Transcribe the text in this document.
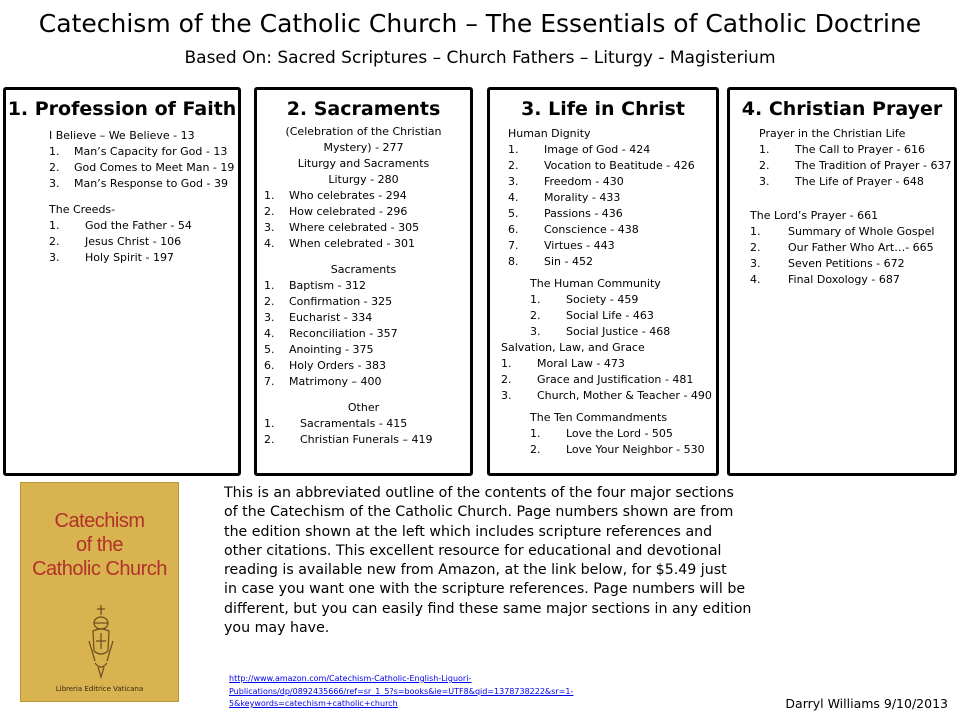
Catechism of the Catholic Church – The Essentials of Catholic Doctrine
Based On: Sacred Scriptures – Church Fathers – Liturgy - Magisterium
1. Profession of Faith
I Believe – We Believe - 13
1.	Man’s Capacity for God - 13
2.	God Comes to Meet Man - 19
3.	Man’s Response to God - 39
The Creeds-
1.	God the Father - 54
2.	Jesus Christ - 106
3.	Holy Spirit - 197
2. Sacraments
(Celebration of the Christian
Mystery) - 277
Liturgy and Sacraments
Liturgy - 280
1.	Who celebrates - 294
2.	How celebrated - 296
3.	Where celebrated - 305
4.	When celebrated - 301
Sacraments
1.	Baptism - 312
2.	Confirmation - 325
3.	Eucharist - 334
4.	Reconciliation - 357
5.	Anointing - 375
6.	Holy Orders - 383
7.	Matrimony – 400
Other
1.	Sacramentals - 415
2.	Christian Funerals – 419
3. Life in Christ
Human Dignity
1.	Image of God - 424
2.	Vocation to Beatitude - 426
3.	Freedom - 430
4.	Morality - 433
5.	Passions - 436
6.	Conscience - 438
7.	Virtues - 443
8.	Sin - 452
The Human Community
1.	Society - 459
2.	Social Life - 463
3.	Social Justice - 468
Salvation, Law, and Grace
1.	Moral Law - 473
2.	Grace and Justification - 481
3.	Church, Mother & Teacher - 490
The Ten Commandments
1.	Love the Lord - 505
2.	Love Your Neighbor - 530
4. Christian Prayer
Prayer in the Christian Life
1.	The Call to Prayer - 616
2.	The Tradition of Prayer - 637
3.	The Life of Prayer - 648
The Lord’s Prayer - 661
1.	Summary of Whole Gospel
2.	Our Father Who Art…- 665
3.	Seven Petitions - 672
4.	Final Doxology - 687
Catechism
of the
Catholic Church
Libreria Editrice Vaticana
This is an abbreviated outline of the contents of the four major sections
of the Catechism of the Catholic Church. Page numbers shown are from
the edition shown at the left which includes scripture references and
other citations. This excellent resource for educational and devotional
reading is available new from Amazon, at the link below, for $5.49 just
in case you want one with the scripture references. Page numbers will be
different, but you can easily find these same major sections in any edition
you may have.
http://www.amazon.com/Catechism-Catholic-English-Liguori-
Publications/dp/0892435666/ref=sr_1_5?s=books&ie=UTF8&qid=1378738222&sr=1-
5&keywords=catechism+catholic+church	Darryl Williams 9/10/2013
